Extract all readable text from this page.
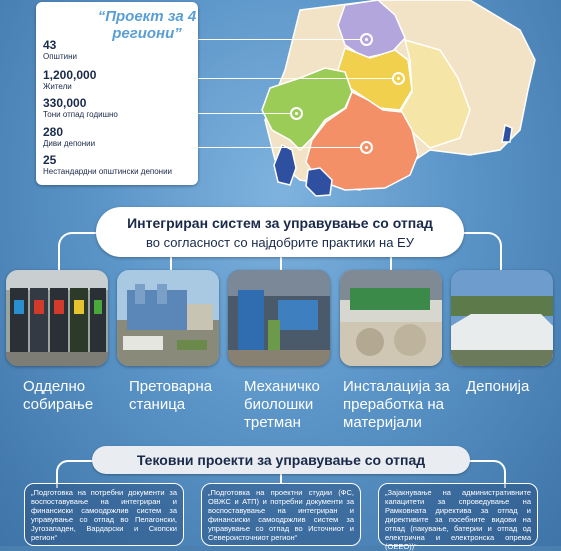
“Проект за 4 региони”
43
Општини
1,200,000
Жители
330,000
Тони отпад годишно
280
Диви депонии
25
Нестандардни општински депонии
Интегриран систем за управување со отпад
во согласност со најдобрите практики на ЕУ
Одделно
собирање
Претоварна
станица
Механичко
биолошки
третман
Инсталација за
преработка на
материјали
Депонија
Тековни проекти за управување со отпад
„Подготовка на потребни документи за воспоставување на интегриран и финансиски самоодржлив систем за управување со отпад во Пелагонски, Југозападен, Вардарски и Скопски регион“
„Подготовка на проектни студии (ФС, ОВЖС и АТП) и потребни документи за воспоставување на интегриран и финансиски самоодржлив систем за управување со отпад во Источниот и Североисточниот регион“
„Зајакнување на административните капацитети за спроведување на Рамковната директива за отпад и директивите за посебните видови на отпад (пакување, батерии и отпад од електрична и електронска опрема (ОЕЕО))“
